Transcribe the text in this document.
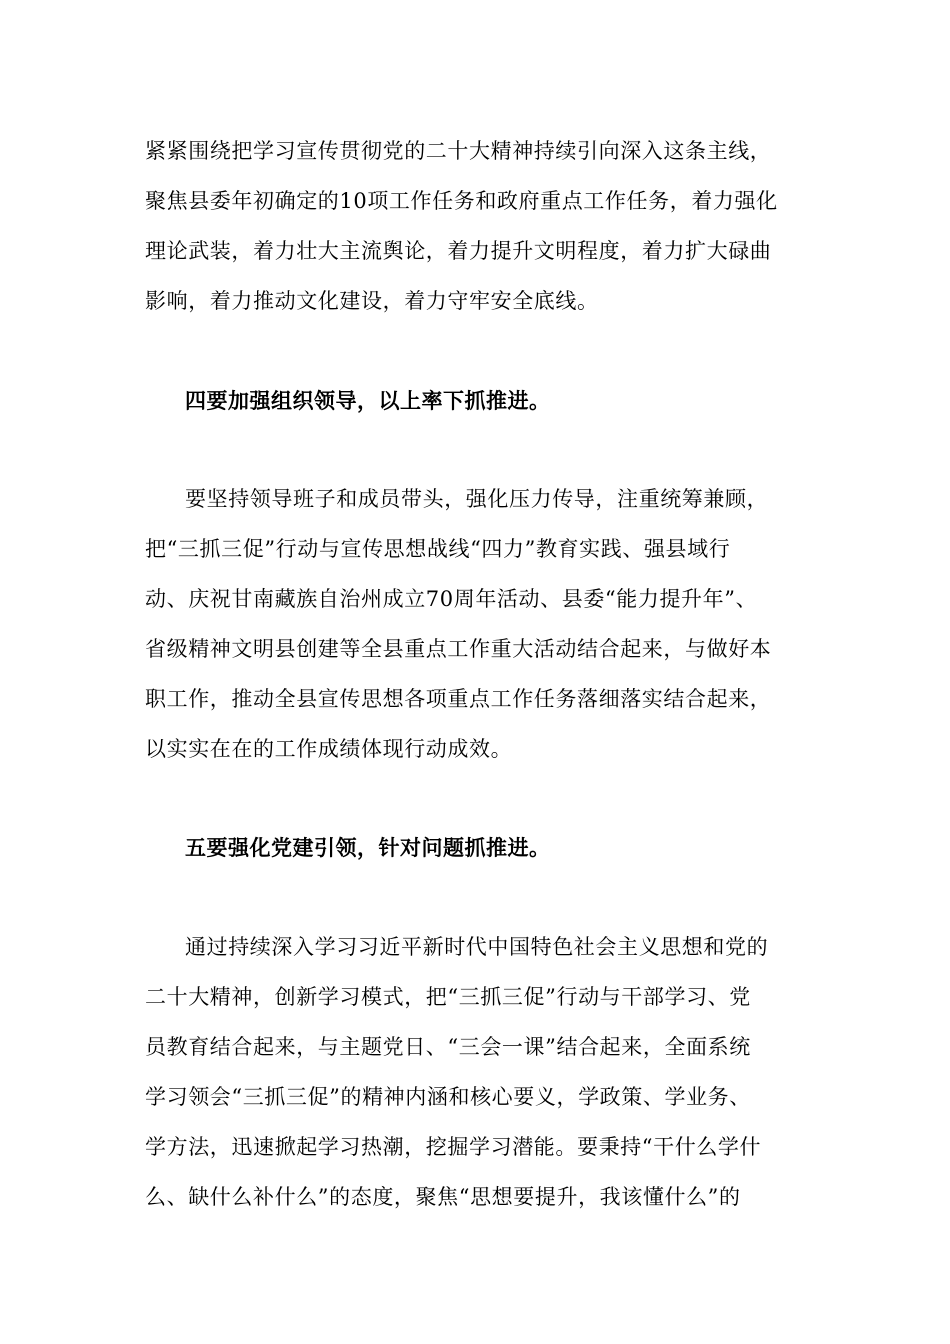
紧紧围绕把学习宣传贯彻党的二十大精神持续引向深入这条主线，
聚焦县委年初确定的10项工作任务和政府重点工作任务，着力强化
理论武装，着力壮大主流舆论，着力提升文明程度，着力扩大碌曲
影响，着力推动文化建设，着力守牢安全底线。
四要加强组织领导，以上率下抓推进。
要坚持领导班子和成员带头，强化压力传导，注重统筹兼顾，
把“三抓三促”行动与宣传思想战线“四力”教育实践、强县域行
动、庆祝甘南藏族自治州成立70周年活动、县委“能力提升年”、
省级精神文明县创建等全县重点工作重大活动结合起来，与做好本
职工作，推动全县宣传思想各项重点工作任务落细落实结合起来，
以实实在在的工作成绩体现行动成效。
五要强化党建引领，针对问题抓推进。
通过持续深入学习习近平新时代中国特色社会主义思想和党的
二十大精神，创新学习模式，把“三抓三促”行动与干部学习、党
员教育结合起来，与主题党日、“三会一课”结合起来，全面系统
学习领会“三抓三促”的精神内涵和核心要义，学政策、学业务、
学方法，迅速掀起学习热潮，挖掘学习潜能。要秉持“干什么学什
么、缺什么补什么”的态度，聚焦“思想要提升，我该懂什么”的
